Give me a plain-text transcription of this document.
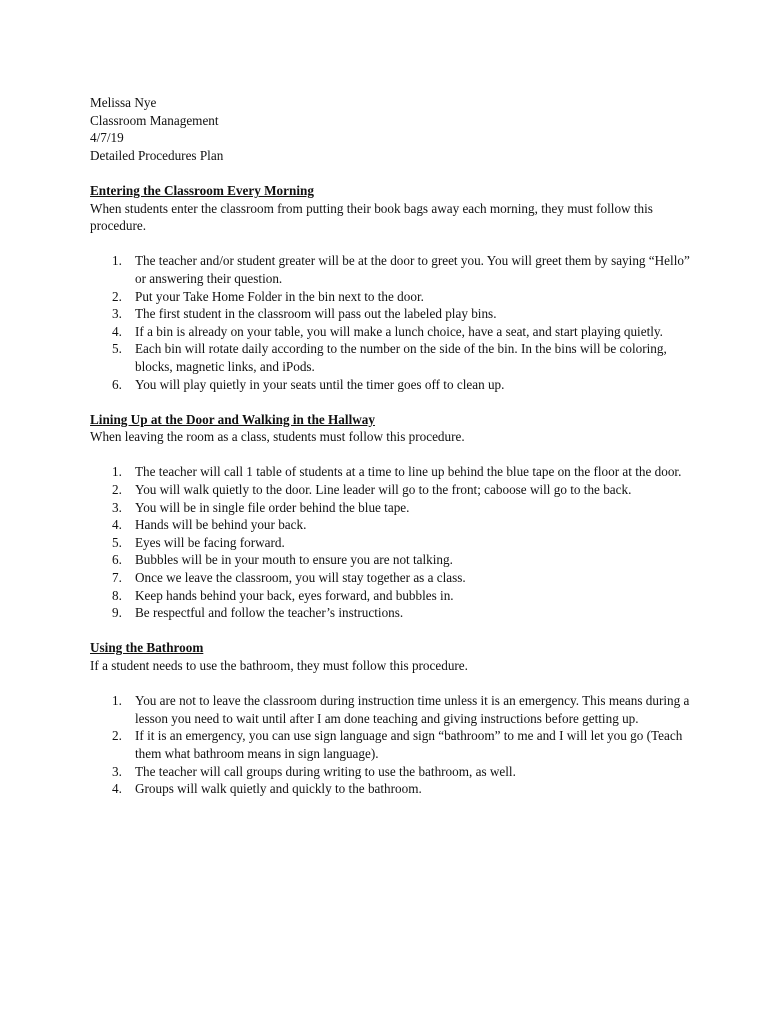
Melissa Nye

Classroom Management

4/7/19

Detailed Procedures Plan

Entering the Classroom Every Morning

When students enter the classroom from putting their book bags away each morning, they must follow this procedure.

1. The teacher and/or student greater will be at the door to greet you. You will greet them by saying “Hello” or answering their question.
2. Put your Take Home Folder in the bin next to the door.
3. The first student in the classroom will pass out the labeled play bins.
4. If a bin is already on your table, you will make a lunch choice, have a seat, and start playing quietly.
5. Each bin will rotate daily according to the number on the side of the bin. In the bins will be coloring, blocks, magnetic links, and iPods.
6. You will play quietly in your seats until the timer goes off to clean up.

Lining Up at the Door and Walking in the Hallway

When leaving the room as a class, students must follow this procedure.

1. The teacher will call 1 table of students at a time to line up behind the blue tape on the floor at the door.
2. You will walk quietly to the door. Line leader will go to the front; caboose will go to the back.
3. You will be in single file order behind the blue tape.
4. Hands will be behind your back.
5. Eyes will be facing forward.
6. Bubbles will be in your mouth to ensure you are not talking.
7. Once we leave the classroom, you will stay together as a class.
8. Keep hands behind your back, eyes forward, and bubbles in.
9. Be respectful and follow the teacher’s instructions.

Using the Bathroom

If a student needs to use the bathroom, they must follow this procedure.

1. You are not to leave the classroom during instruction time unless it is an emergency. This means during a lesson you need to wait until after I am done teaching and giving instructions before getting up.
2. If it is an emergency, you can use sign language and sign “bathroom” to me and I will let you go (Teach them what bathroom means in sign language).
3. The teacher will call groups during writing to use the bathroom, as well.
4. Groups will walk quietly and quickly to the bathroom.
